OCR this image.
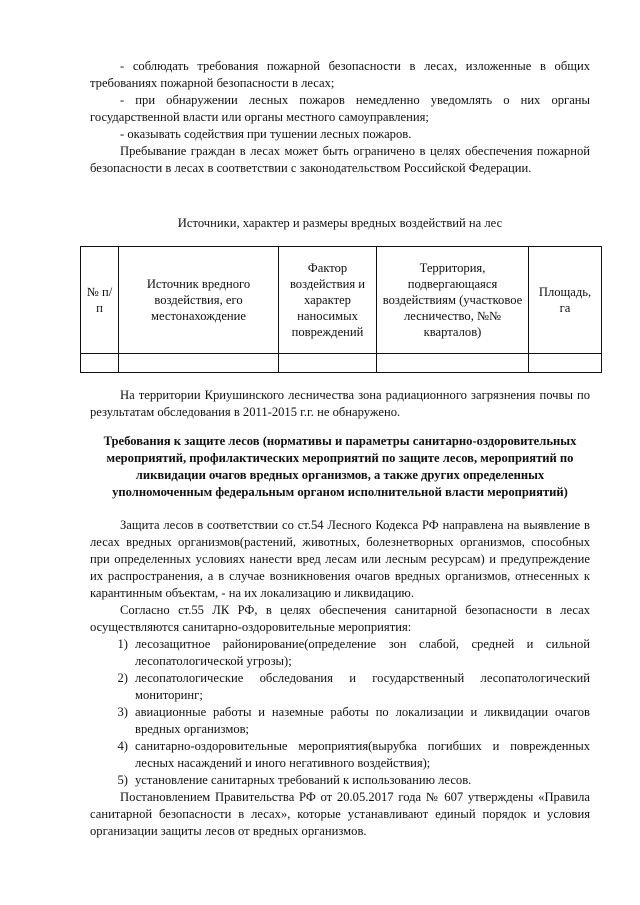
- соблюдать требования пожарной безопасности в лесах, изложенные в общих требованиях пожарной безопасности в лесах;

- при обнаружении лесных пожаров немедленно уведомлять о них органы государственной власти или органы местного самоуправления;

- оказывать содействия при тушении лесных пожаров.

Пребывание граждан в лесах может быть ограничено в целях обеспечения пожарной безопасности в лесах в соответствии с законодательством Российской Федерации.

Источники, характер и размеры вредных воздействий на лес
№ п/п	Источник вредного воздействия, его местонахождение	Фактор воздействия и характер наносимых повреждений	Территория, подвергающаяся воздействиям (участковое лесничество, №№ кварталов)	Площадь, га

На территории Криушинского лесничества зона радиационного загрязнения почвы по результатам обследования в 2011-2015 г.г. не обнаружено.

Требования к защите лесов (нормативы и параметры санитарно-оздоровительных мероприятий, профилактических мероприятий по защите лесов, мероприятий по ликвидации очагов вредных организмов, а также других определенных уполномоченным федеральным органом исполнительной власти мероприятий)

Защита лесов в соответствии со ст.54 Лесного Кодекса РФ направлена на выявление в лесах вредных организмов(растений, животных, болезнетворных организмов, способных при определенных условиях нанести вред лесам или лесным ресурсам) и предупреждение их распространения, а в случае возникновения очагов вредных организмов, отнесенных к карантинным объектам, - на их локализацию и ликвидацию.

Согласно ст.55 ЛК РФ, в целях обеспечения санитарной безопасности в лесах осуществляются санитарно-оздоровительные мероприятия:

1) лесозащитное районирование(определение зон слабой, средней и сильной лесопатологической угрозы);
2) лесопатологические обследования и государственный лесопатологический мониторинг;
3) авиационные работы и наземные работы по локализации и ликвидации очагов вредных организмов;
4) санитарно-оздоровительные мероприятия(вырубка погибших и поврежденных лесных насаждений и иного негативного воздействия);
5) установление санитарных требований к использованию лесов.

Постановлением Правительства РФ от 20.05.2017 года № 607 утверждены «Правила санитарной безопасности в лесах», которые устанавливают единый порядок и условия организации защиты лесов от вредных организмов.
